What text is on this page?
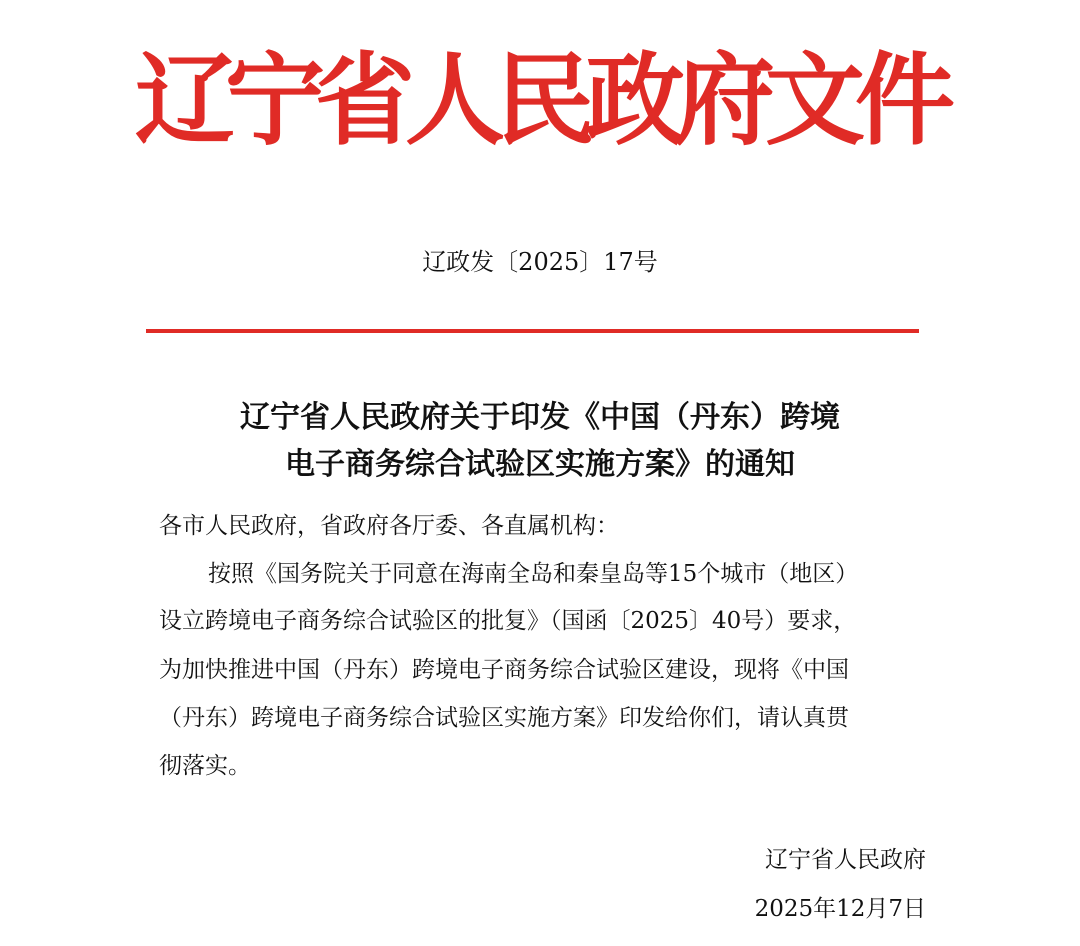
辽宁省人民政府文件
辽政发〔2025〕17号
辽宁省人民政府关于印发《中国（丹东）跨境
电子商务综合试验区实施方案》的通知
各市人民政府，省政府各厅委、各直属机构：
按照《国务院关于同意在海南全岛和秦皇岛等15个城市（地区）
设立跨境电子商务综合试验区的批复》（国函〔2025〕40号）要求，
为加快推进中国（丹东）跨境电子商务综合试验区建设，现将《中国
（丹东）跨境电子商务综合试验区实施方案》印发给你们，请认真贯
彻落实。
辽宁省人民政府
2025年12月7日
